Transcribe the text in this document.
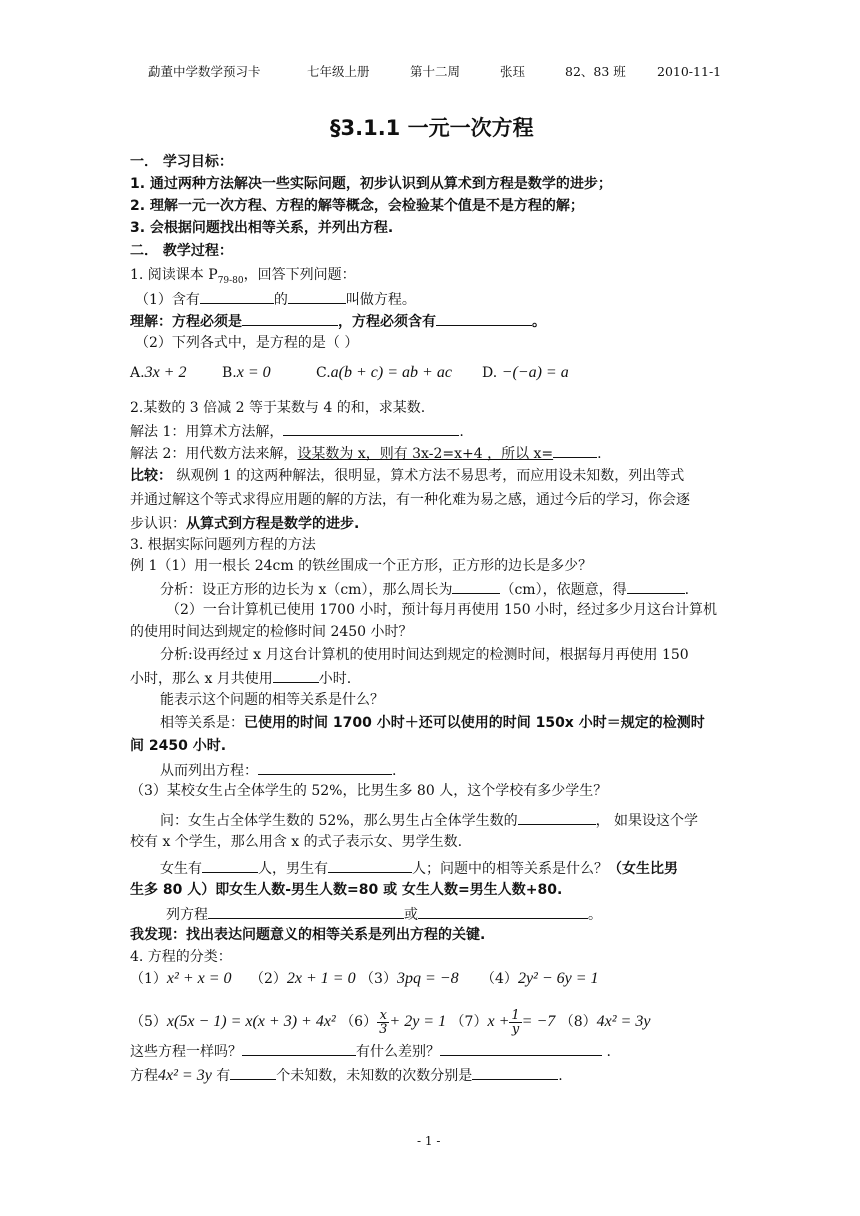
勐董中学数学预习卡	七年级上册	第十二周	张珏	82、83 班 2010-11-1
§3.1.1 一元一次方程
一． 学习目标：
1. 通过两种方法解决一些实际问题，初步认识到从算术到方程是数学的进步；
2. 理解一元一次方程、方程的解等概念，会检验某个值是不是方程的解；
3. 会根据问题找出相等关系，并列出方程.
二． 教学过程：
1. 阅读课本 $P_{79-80}$，回答下列问题：
（1）含有	的	叫做方程。
理解：方程必须是	，方程必须含有	。
（2）下列各式中，是方程的是（ ）
A.3x + 2	B.x = 0	C.a(b + c) = ab + ac D. −(−a) = a
2.某数的 3 倍减 2 等于某数与 4 的和，求某数.
解法 1：用算术方法解，	.
解法 2：用代数方法来解，设某数为 x，则有 3x-2=x+4 ，所以 x=	.
比较： 纵观例 1 的这两种解法，很明显，算术方法不易思考，而应用设未知数，列出等式
并通过解这个等式求得应用题的解的方法，有一种化难为易之感，通过今后的学习，你会逐
步认识：从算式到方程是数学的进步.
3. 根据实际问题列方程的方法
例 1（1）用一根长 24cm 的铁丝围成一个正方形，正方形的边长是多少？
分析：设正方形的边长为 x（cm），那么周长为	（cm），依题意，得	.
（2）一台计算机已使用 1700 小时，预计每月再使用 150 小时，经过多少月这台计算机
的使用时间达到规定的检修时间 2450 小时？
分析:设再经过 x 月这台计算机的使用时间达到规定的检测时间，根据每月再使用 150
小时，那么 x 月共使用	小时.
能表示这个问题的相等关系是什么？
相等关系是：已使用的时间 1700 小时＋还可以使用的时间 150x 小时＝规定的检测时
间 2450 小时.
从而列出方程：	.
（3）某校女生占全体学生的 52%，比男生多 80 人，这个学校有多少学生？
问：女生占全体学生数的 52%，那么男生占全体学生数的	， 如果设这个学
校有 x 个学生，那么用含 x 的式子表示女、男学生数.
女生有	人，男生有	人；问题中的相等关系是什么？（女生比男
生多 80 人）即女生人数-男生人数=80 或 女生人数=男生人数+80.
列方程	或	。
我发现：找出表达问题意义的相等关系是列出方程的关键.
4. 方程的分类：
（1）x² + x = 0 （2）2x + 1 = 0 （3）3pq = −8 （4）2y² − 6y = 1
（5）x(5x − 1) = x(x + 3) + 4x² $(6) \frac{x}{3} + 2y = 1$ $(7)x + \frac{1}{y} = -7$ （8）4x² = 3y
这些方程一样吗？	有什么差别？	.
方程4x² = 3y 有	个未知数，未知数的次数分别是	.
- 1 -
